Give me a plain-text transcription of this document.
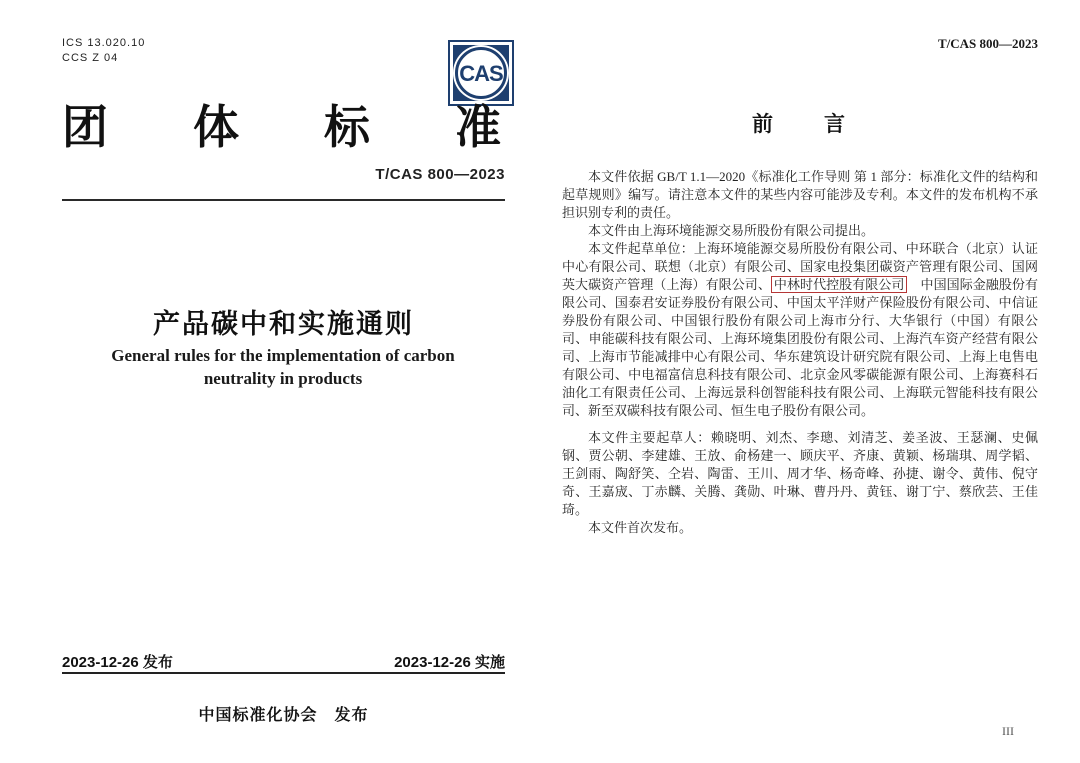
ICS 13.020.10
CCS Z 04
CAS
团体标准
T/CAS 800—2023
产品碳中和实施通则
General rules for the implementation of carbon neutrality in products
2023-12-26 发布	2023-12-26 实施
中国标准化协会　发布
T/CAS 800—2023
前　　言

本文件依据 GB/T 1.1—2020《标准化工作导则 第 1 部分：标准化文件的结构和起草规则》编写。请注意本文件的某些内容可能涉及专利。本文件的发布机构不承担识别专利的责任。

本文件由上海环境能源交易所股份有限公司提出。

本文件起草单位：上海环境能源交易所股份有限公司、中环联合（北京）认证中心有限公司、联想（北京）有限公司、国家电投集团碳资产管理有限公司、国网英大碳资产管理（上海）有限公司、 中林时代控股有限公司　中国国际金融股份有限公司、国泰君安证券股份有限公司、中国太平洋财产保险股份有限公司、中信证券股份有限公司、中国银行股份有限公司上海市分行、大华银行（中国）有限公司、申能碳科技有限公司、上海环境集团股份有限公司、上海汽车资产经营有限公司、上海市节能减排中心有限公司、华东建筑设计研究院有限公司、上海上电售电有限公司、中电福富信息科技有限公司、北京金风零碳能源有限公司、上海赛科石油化工有限责任公司、上海远景科创智能科技有限公司、上海联元智能科技有限公司、新至双碳科技有限公司、恒生电子股份有限公司。

本文件主要起草人：赖晓明、刘杰、李璁、刘清芝、姜圣波、王瑟澜、史佩钢、贾公朝、李建雄、王放、俞杨建一、顾庆平、齐康、黄颖、杨瑞琪、周学韬、王剑雨、陶舒笑、仝岩、陶雷、王川、周才华、杨奇峰、孙捷、谢令、黄伟、倪守奇、王嘉宬、丁赤麟、关腾、龚勋、叶琳、曹丹丹、黄钰、谢丁宁、蔡欣芸、王佳琦。

本文件首次发布。

III
